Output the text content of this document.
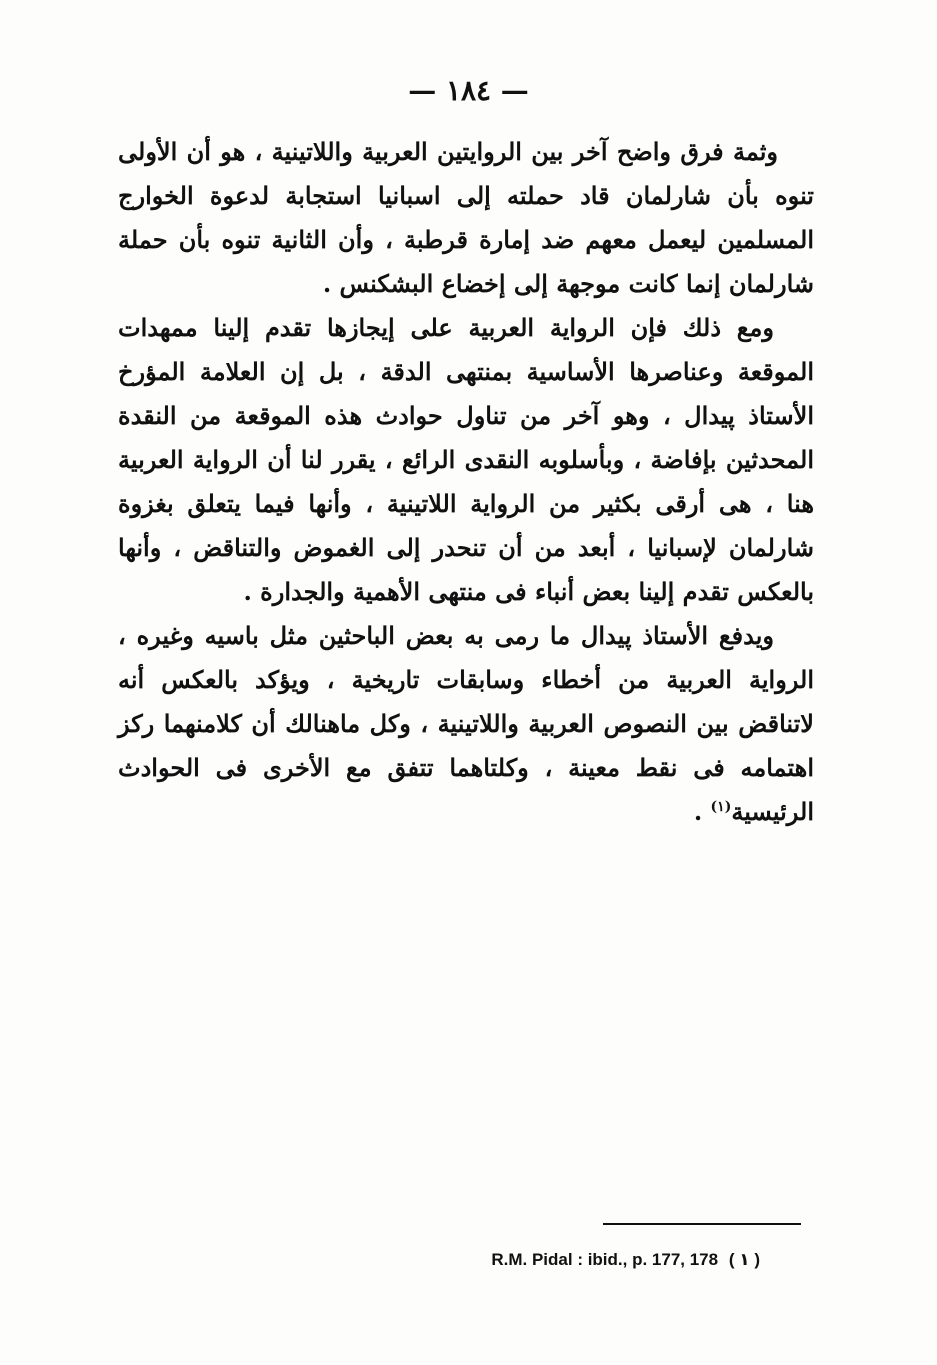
— ١٨٤ —

وثمة فرق واضح آخر بين الروايتين العربية واللاتينية ، هو أن الأولى تنوه بأن شارلمان قاد حملته إلى اسبانيا استجابة لدعوة الخوارج المسلمين ليعمل معهم ضد إمارة قرطبة ، وأن الثانية تنوه بأن حملة شارلمان إنما كانت موجهة إلى إخضاع البشكنس .

ومع ذلك فإن الرواية العربية على إيجازها تقدم إلينا ممهدات الموقعة وعناصرها الأساسية بمنتهى الدقة ، بل إن العلامة المؤرخ الأستاذ پيدال ، وهو آخر من تناول حوادث هذه الموقعة من النقدة المحدثين بإفاضة ، وبأسلوبه النقدى الرائع ، يقرر لنا أن الرواية العربية هنا ، هى أرقى بكثير من الرواية اللاتينية ، وأنها فيما يتعلق بغزوة شارلمان لإسبانيا ، أبعد من أن تنحدر إلى الغموض والتناقض ، وأنها بالعكس تقدم إلينا بعض أنباء فى منتهى الأهمية والجدارة .

ويدفع الأستاذ پيدال ما رمى به بعض الباحثين مثل باسيه وغيره ، الرواية العربية من أخطاء وسابقات تاريخية ، ويؤكد بالعكس أنه لاتناقض بين النصوص العربية واللاتينية ، وكل ماهنالك أن كلامنهما ركز اهتمامه فى نقط معينة ، وكلتاهما تتفق مع الأخرى فى الحوادث الرئيسية$^{(١)}$ .

R.M. Pidal : ibid., p. 177, 178 ( ١ )
